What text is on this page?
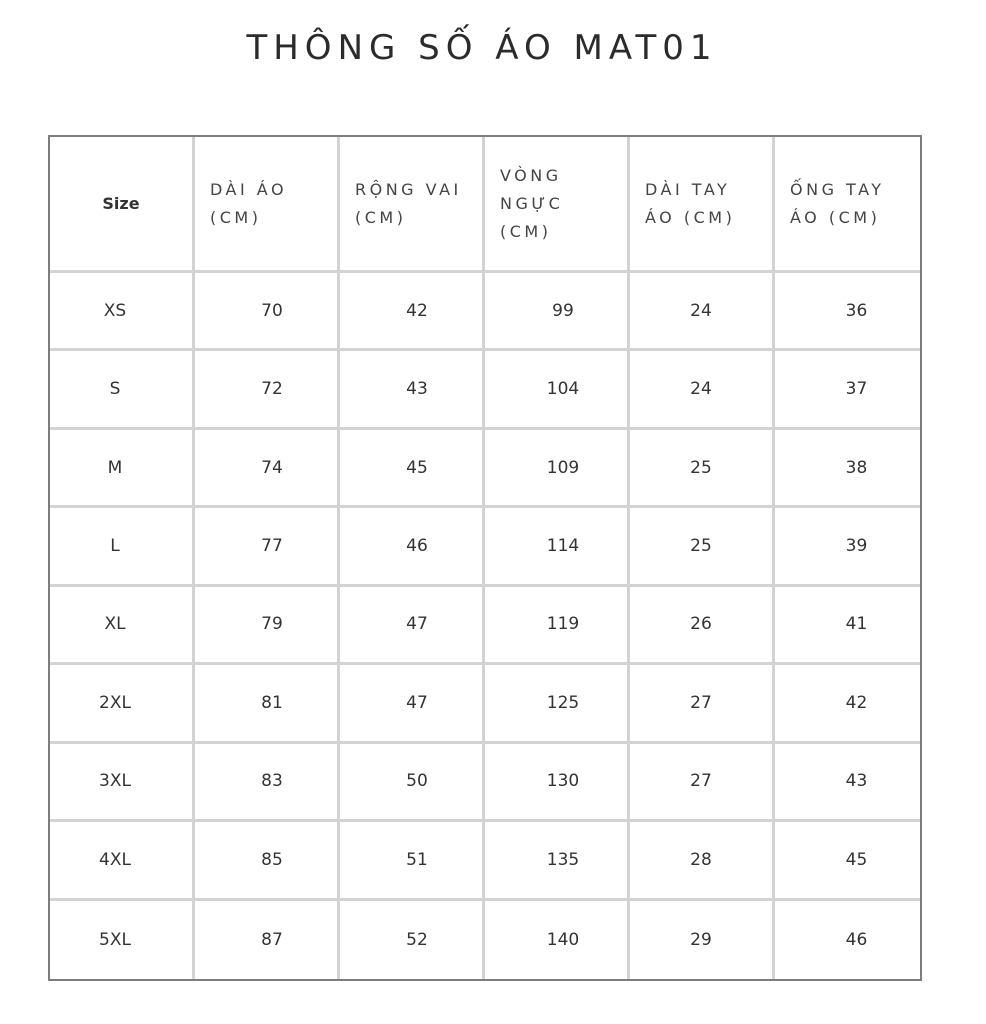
THÔNG SỐ ÁO MAT01
Size	DÀI ÁO (CM)	RỘNG VAI (CM)	VÒNG NGỰC (CM)	DÀI TAY ÁO (CM)	ỐNG TAY ÁO (CM)
XS	70	42	99	24	36
S	72	43	104	24	37
M	74	45	109	25	38
L	77	46	114	25	39
XL	79	47	119	26	41
2XL	81	47	125	27	42
3XL	83	50	130	27	43
4XL	85	51	135	28	45
5XL	87	52	140	29	46
